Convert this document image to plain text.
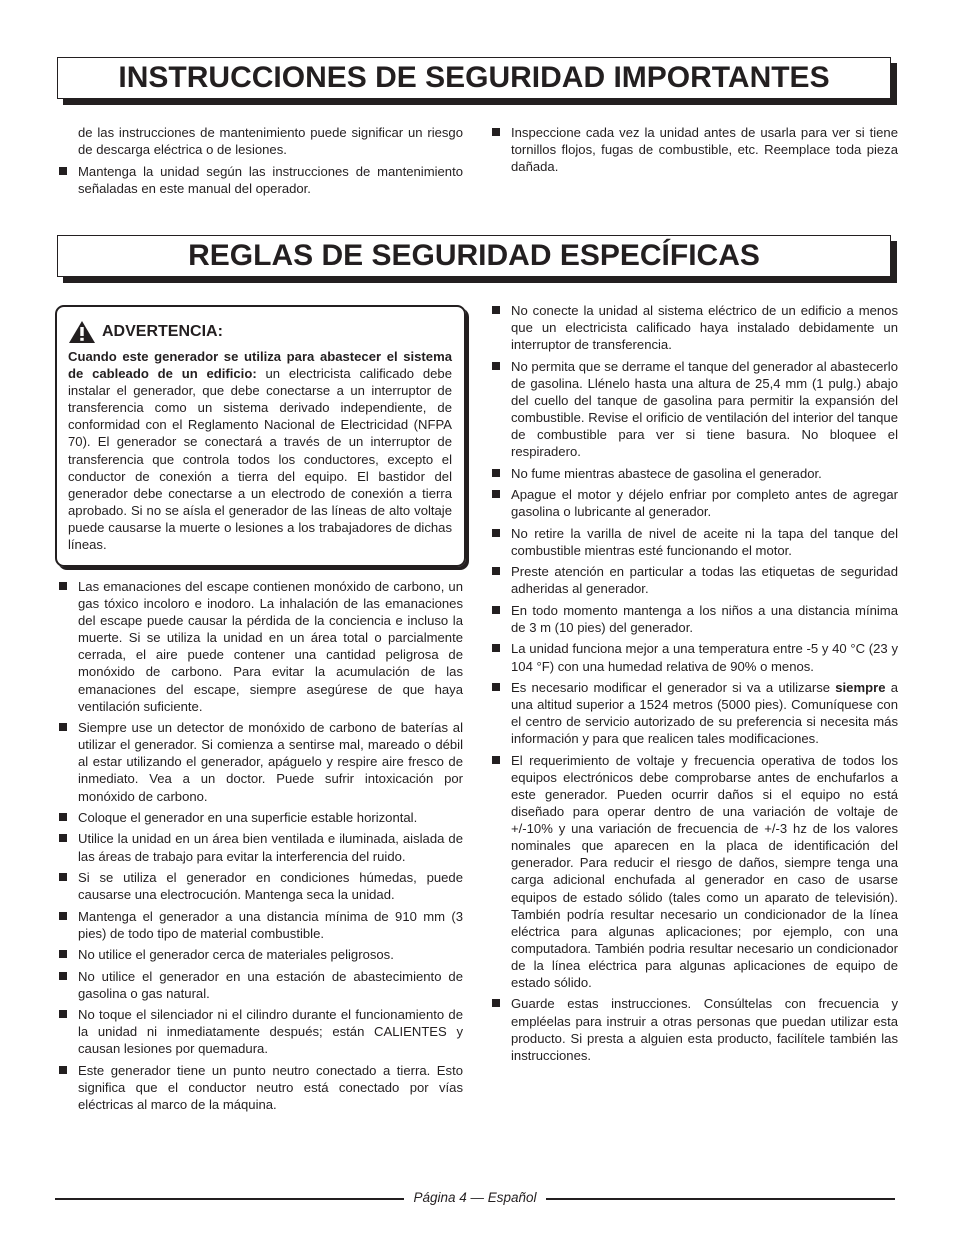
INSTRUCCIONES DE SEGURIDAD IMPORTANTES

de las instrucciones de mantenimiento puede significar un riesgo de descarga eléctrica o de lesiones.

Mantenga la unidad según las instrucciones de mantenimiento señaladas en este manual del operador.
Inspeccione cada vez la unidad antes de usarla para ver si tiene tornillos flojos, fugas de combustible, etc. Reemplace toda pieza dañada.
REGLAS DE SEGURIDAD ESPECÍFICAS
ADVERTENCIA:

Cuando este generador se utiliza para abastecer el sistema de cableado de un edificio: un electricista calificado debe instalar el generador, que debe conectarse a un interruptor de transferencia como un sistema derivado independiente, de conformidad con el Reglamento Nacional de Electricidad (NFPA 70). El generador se conectará a través de un interruptor de transferencia que controla todos los conductores, excepto el conductor de conexión a tierra del equipo. El bastidor del generador debe conectarse a un electrodo de conexión a tierra aprobado. Si no se aísla el generador de las líneas de alto voltaje puede causarse la muerte o lesiones a los trabajadores de dichas líneas.

Las emanaciones del escape contienen monóxido de carbono, un gas tóxico incoloro e inodoro. La inhalación de las emanaciones del escape puede causar la pérdida de la conciencia e incluso la muerte. Si se utiliza la unidad en un área total o parcialmente cerrada, el aire puede contener una cantidad peligrosa de monóxido de carbono. Para evitar la acumulación de las emanaciones del escape, siempre asegúrese de que haya ventilación suficiente.
Siempre use un detector de monóxido de carbono de baterías al utilizar el generador. Si comienza a sentirse mal, mareado o débil al estar utilizando el generador, apáguelo y respire aire fresco de inmediato. Vea a un doctor. Puede sufrir intoxicación por monóxido de carbono.
Coloque el generador en una superficie estable horizontal.
Utilice la unidad en un área bien ventilada e iluminada, aislada de las áreas de trabajo para evitar la interferencia del ruido.
Si se utiliza el generador en condiciones húmedas, puede causarse una electrocución. Mantenga seca la unidad.
Mantenga el generador a una distancia mínima de 910 mm (3 pies) de todo tipo de material combustible.
No utilice el generador cerca de materiales peligrosos.
No utilice el generador en una estación de abastecimiento de gasolina o gas natural.
No toque el silenciador ni el cilindro durante el funcionamiento de la unidad ni inmediatamente después; están CALIENTES y causan lesiones por quemadura.
Este generador tiene un punto neutro conectado a tierra. Esto significa que el conductor neutro está conectado por vías eléctricas al marco de la máquina.
No conecte la unidad al sistema eléctrico de un edificio a menos que un electricista calificado haya instalado debidamente un interruptor de transferencia.
No permita que se derrame el tanque del generador al abastecerlo de gasolina. Llénelo hasta una altura de 25,4 mm (1 pulg.) abajo del cuello del tanque de gasolina para permitir la expansión del combustible. Revise el orificio de ventilación del interior del tanque de combustible para ver si tiene basura. No bloquee el respiradero.
No fume mientras abastece de gasolina el generador.
Apague el motor y déjelo enfriar por completo antes de agregar gasolina o lubricante al generador.
No retire la varilla de nivel de aceite ni la tapa del tanque del combustible mientras esté funcionando el motor.
Preste atención en particular a todas las etiquetas de seguridad adheridas al generador.
En todo momento mantenga a los niños a una distancia mínima de 3 m (10 pies) del generador.
La unidad funciona mejor a una temperatura entre -5 y 40 °C (23 y 104 °F) con una humedad relativa de 90% o menos.
Es necesario modificar el generador si va a utilizarse siempre a una altitud superior a 1524 metros (5000 pies). Comuníquese con el centro de servicio autorizado de su preferencia si necesita más información y para que realicen tales modificaciones.
El requerimiento de voltaje y frecuencia operativa de todos los equipos electrónicos debe comprobarse antes de enchufarlos a este generador. Pueden ocurrir daños si el equipo no está diseñado para operar dentro de una variación de voltaje de +/-10% y una variación de frecuencia de +/-3 hz de los valores nominales que aparecen en la placa de identificación del generador. Para reducir el riesgo de daños, siempre tenga una carga adicional enchufada al generador en caso de usarse equipos de estado sólido (tales como un aparato de televisión). También podría resultar necesario un condicionador de la línea eléctrica para algunas aplicaciones; por ejemplo, con una computadora. También podria resultar necesario un condicionador de la línea eléctrica para algunas aplicaciones de equipo de estado sólido.
Guarde estas instrucciones. Consúltelas con frecuencia y empléelas para instruir a otras personas que puedan utilizar esta producto. Si presta a alguien esta producto, facilítele también las instrucciones.
Página 4 — Español
